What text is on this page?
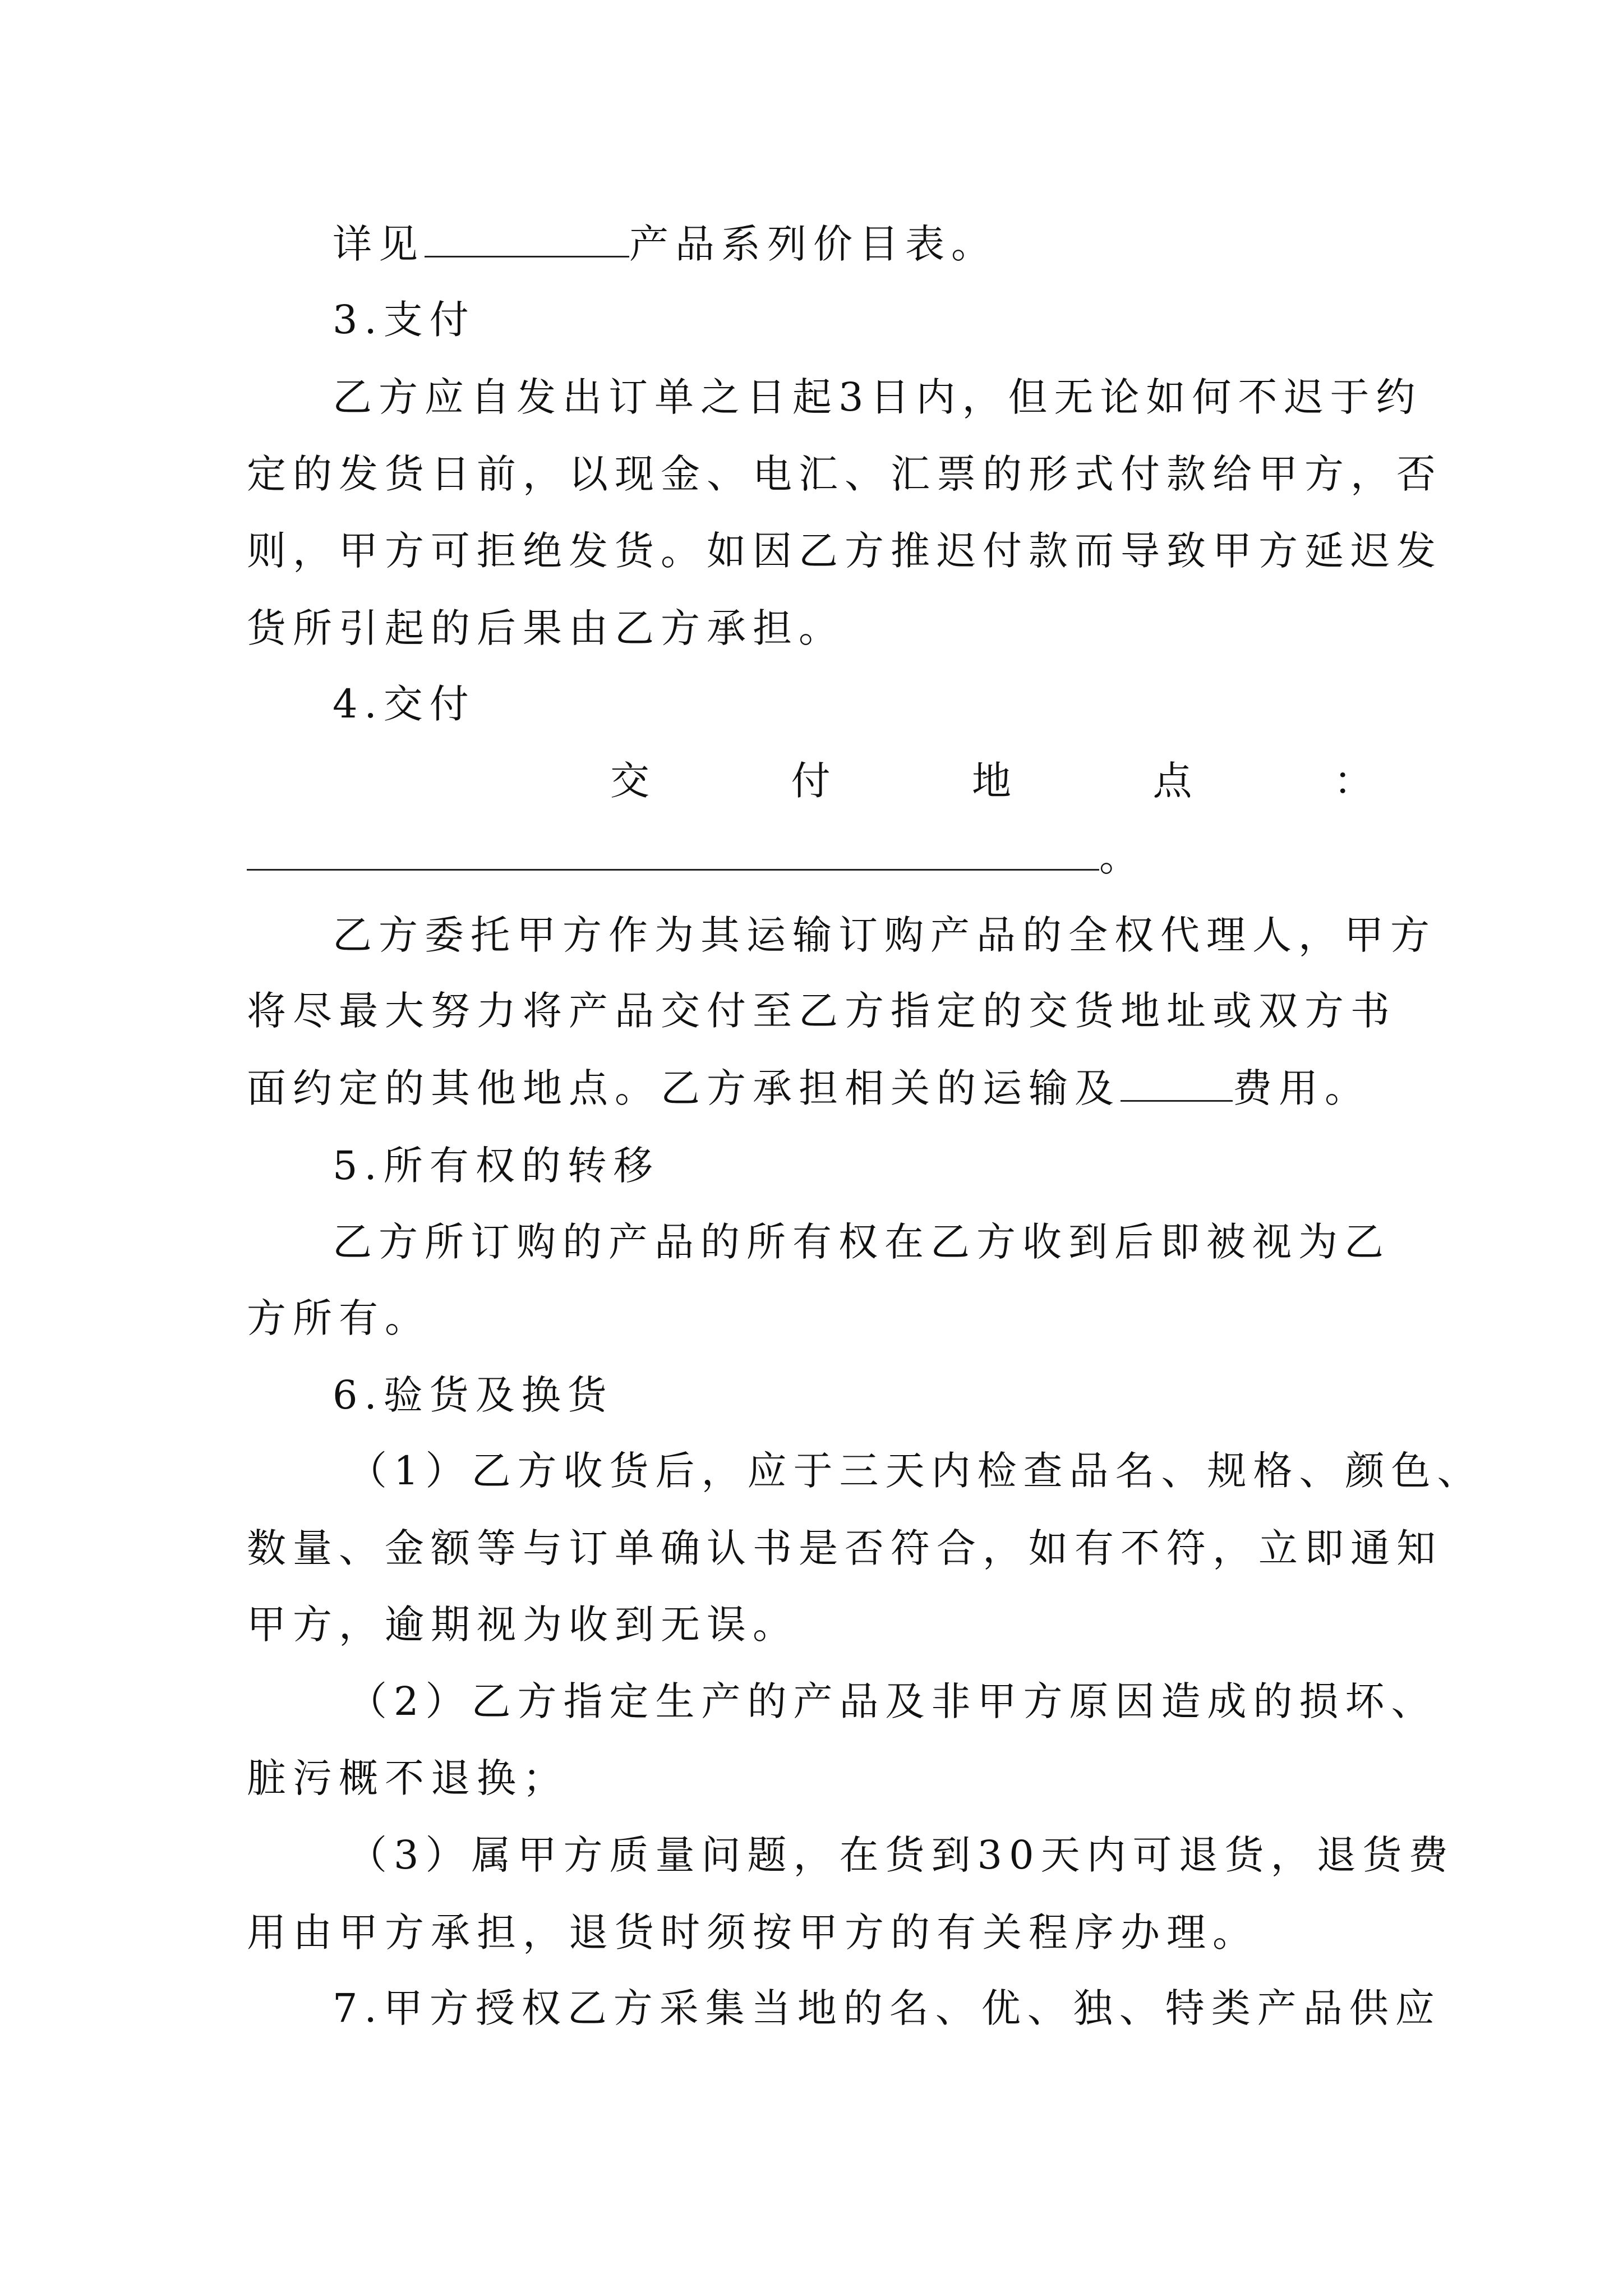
详见	产品系列价目表。
3.支付
乙方应自发出订单之日起3日内，但无论如何不迟于约
定的发货日前，以现金、电汇、汇票的形式付款给甲方，否
则，甲方可拒绝发货。如因乙方推迟付款而导致甲方延迟发
货所引起的后果由乙方承担。
4.交付
交	付	地	点	：
。
乙方委托甲方作为其运输订购产品的全权代理人，甲方
将尽最大努力将产品交付至乙方指定的交货地址或双方书
面约定的其他地点。乙方承担相关的运输及	费用。
5.所有权的转移
乙方所订购的产品的所有权在乙方收到后即被视为乙
方所有。
6.验货及换货
（1）乙方收货后，应于三天内检查品名、规格、颜色、
数量、金额等与订单确认书是否符合，如有不符，立即通知
甲方，逾期视为收到无误。
（2）乙方指定生产的产品及非甲方原因造成的损坏、
脏污概不退换；
（3）属甲方质量问题，在货到30天内可退货，退货费
用由甲方承担，退货时须按甲方的有关程序办理。
7.甲方授权乙方采集当地的名、优、独、特类产品供应
